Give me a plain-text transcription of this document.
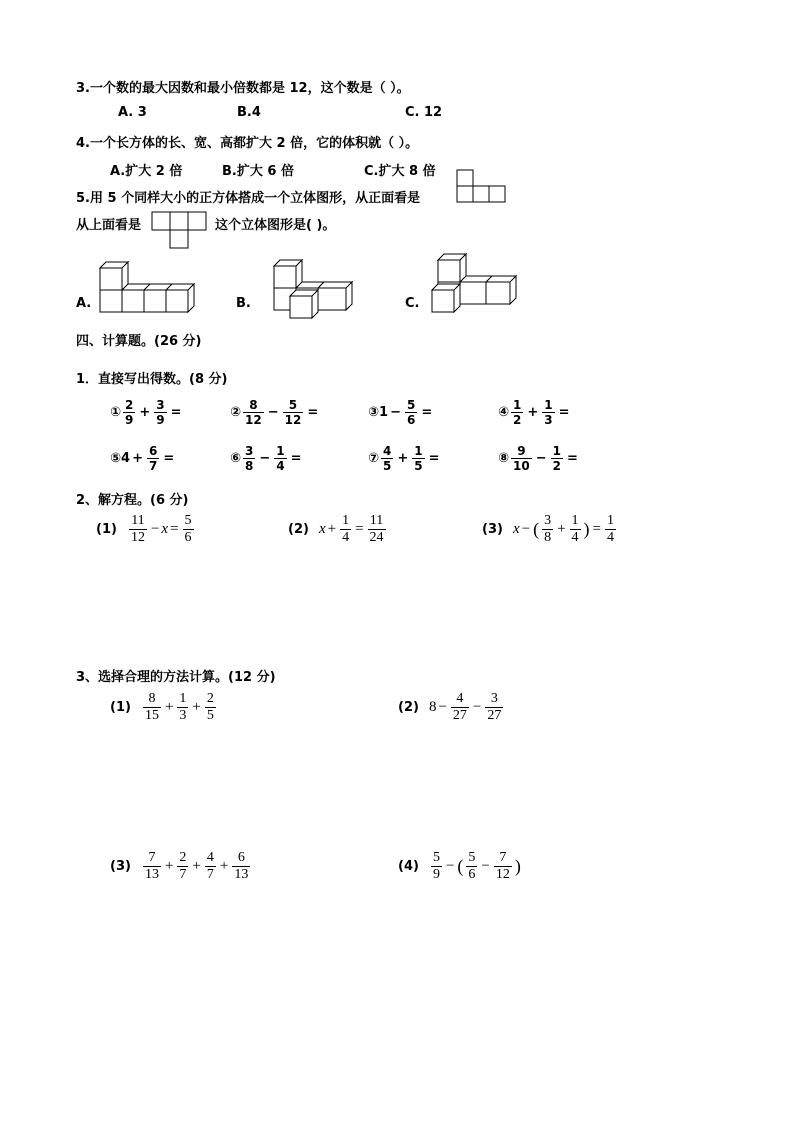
3.一个数的最大因数和最小倍数都是 12，这个数是（ ）。
A. 3	B.4	C. 12
4.一个长方体的长、宽、高都扩大 2 倍，它的体积就（ ）。
A.扩大 2 倍	B.扩大 6 倍	C.扩大 8 倍
5.用 5 个同样大小的正方体搭成一个立体图形，从正面看是
从上面看是	这个立体图形是( )。
A.	B.	C.
四、计算题。(26 分)
1．直接写出得数。(8 分)
① $\frac{2}{9} + \frac{3}{9}$ =	② $\frac{8}{12} - \frac{5}{12}$ =	③ $1 - \frac{5}{6}$ =	④ $\frac{1}{2} + \frac{1}{3}$ =
⑤ $4 + \frac{6}{7}$ =	⑥ $\frac{3}{8} - \frac{1}{4}$ =	⑦ $\frac{4}{5} + \frac{1}{5}$ =	⑧ $\frac{9}{10} - \frac{1}{2}$ =
2、解方程。(6 分)
$(1) \frac{11}{12} - x = \frac{5}{6}$	(2) $x + \frac{1}{4} = \frac{11}{24}$	(3) x − ( $\frac{3}{8} + \frac{1}{4}$ ) = $\frac{1}{4}$
3、选择合理的方法计算。(12 分)
$(1) \frac{8}{15} + \frac{1}{3} + \frac{2}{5}$	(2) $8 - \frac{4}{27} - \frac{3}{27}$
$(3) \frac{7}{13} + \frac{2}{7} + \frac{4}{7} + \frac{6}{13}$	$(4) \frac{5}{9}$ − ( $\frac{5}{6} - \frac{7}{12}$ )
